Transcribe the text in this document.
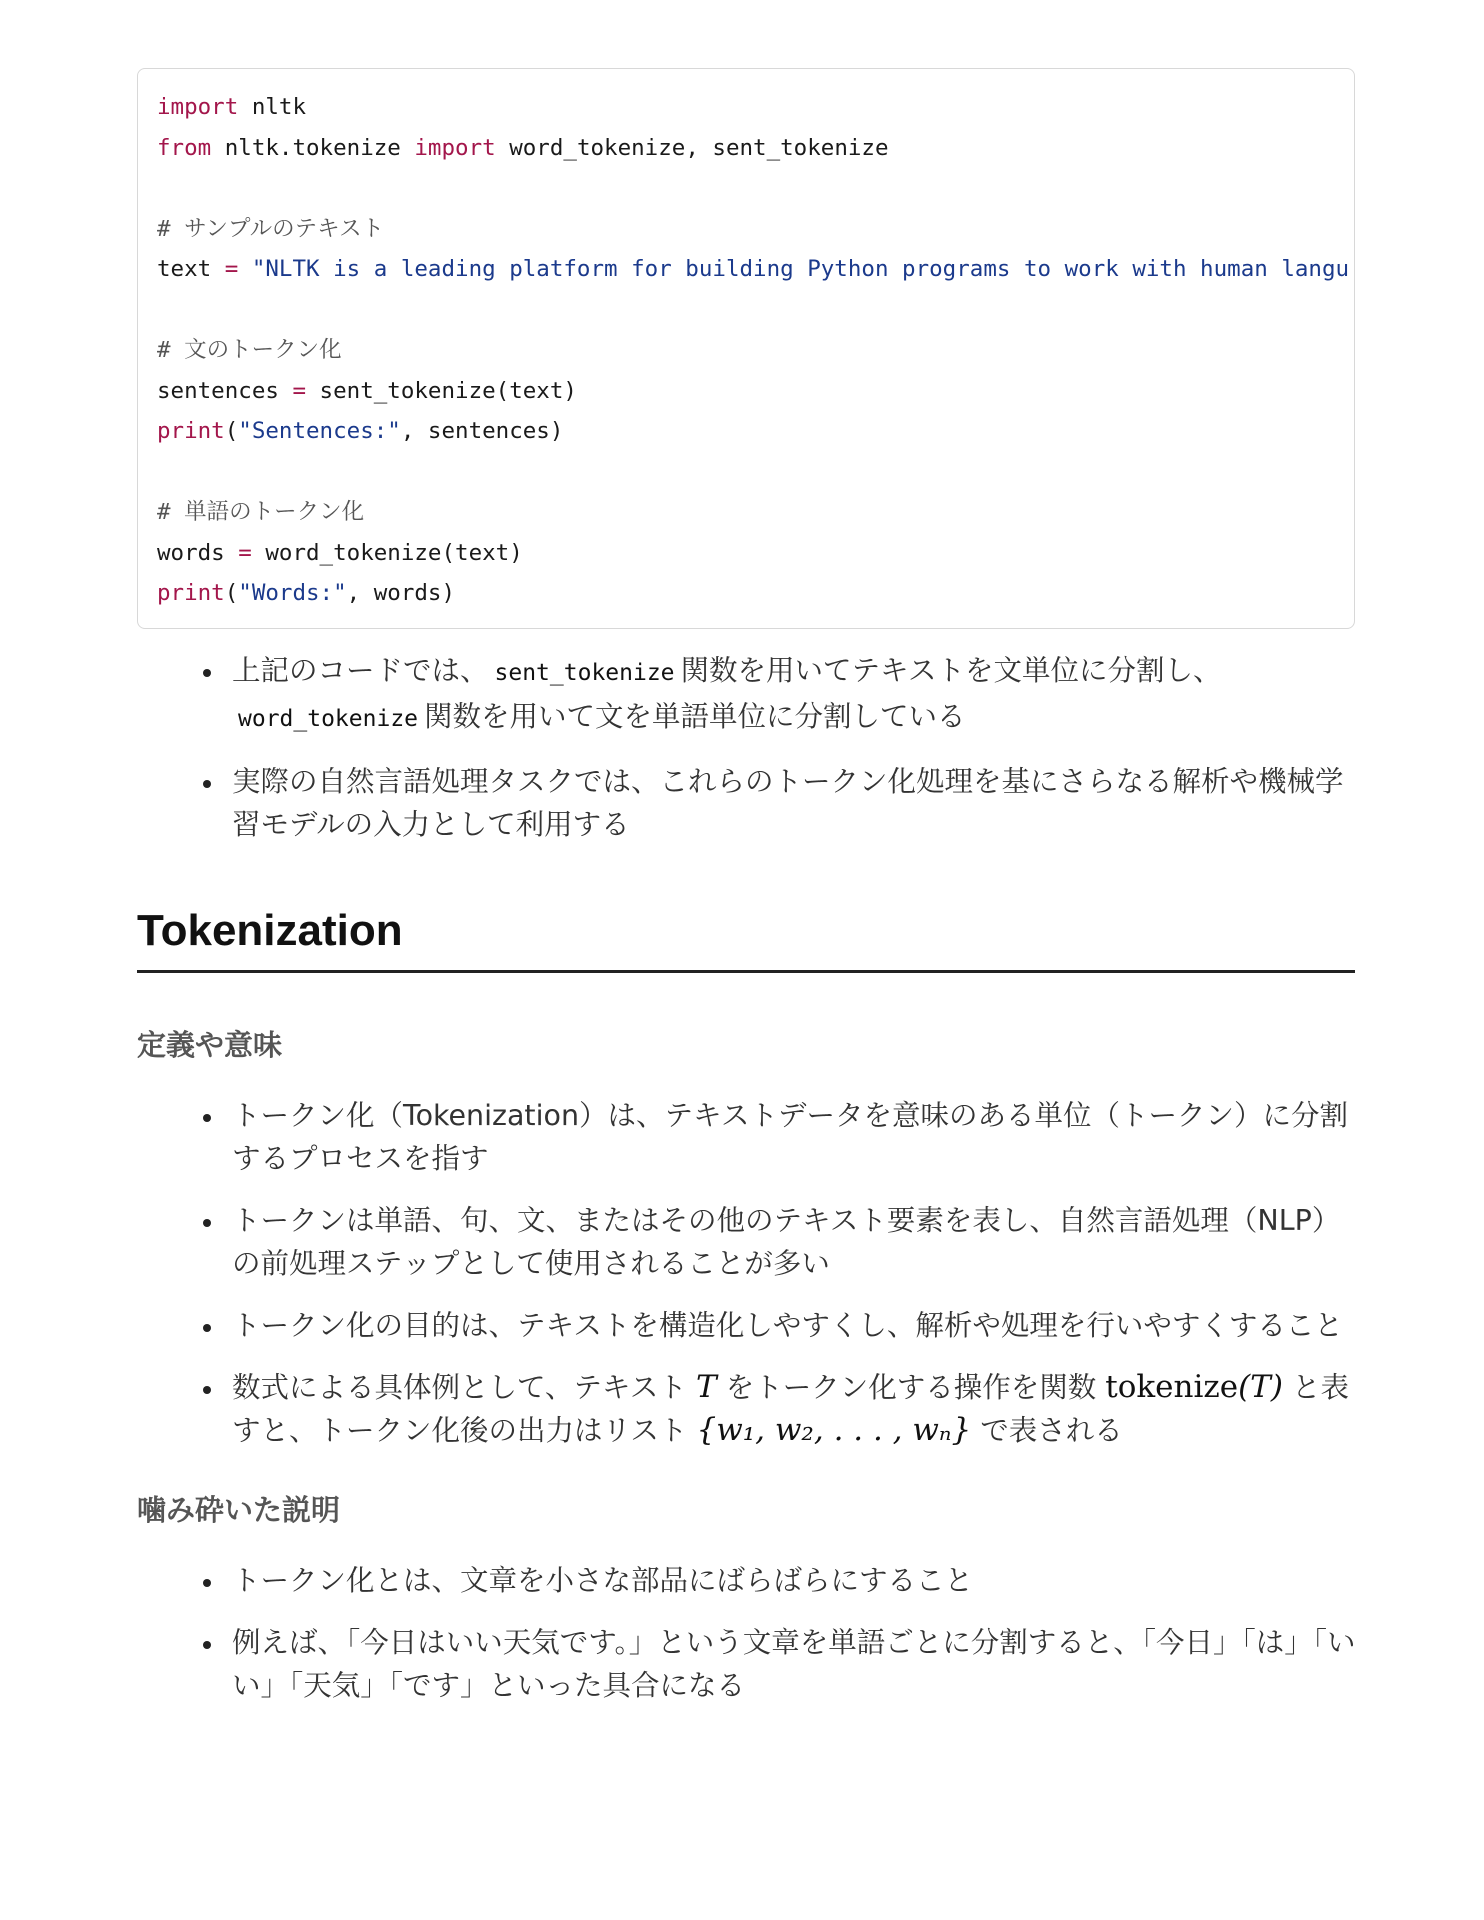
import nltk
from nltk.tokenize import word_tokenize, sent_tokenize

# サンプルのテキスト
text = "NLTK is a leading platform for building Python programs to work with human langu

# 文のトークン化
sentences = sent_tokenize(text)
print("Sentences:", sentences)

# 単語のトークン化
words = word_tokenize(text)
print("Words:", words)
上記のコードでは、 sent_tokenize 関数を用いてテキストを文単位に分割し、word_tokenize 関数を用いて文を単語単位に分割している
実際の自然言語処理タスクでは、これらのトークン化処理を基にさらなる解析や機械学習モデルの入力として利用する
Tokenization
定義や意味
トークン化（Tokenization）は、テキストデータを意味のある単位（トークン）に分割するプロセスを指す
トークンは単語、句、文、またはその他のテキスト要素を表し、自然言語処理（NLP）の前処理ステップとして使用されることが多い
トークン化の目的は、テキストを構造化しやすくし、解析や処理を行いやすくすること
数式による具体例として、テキスト T をトークン化する操作を関数 tokenize(T) と表すと、トークン化後の出力はリスト {w₁, w₂, . . . , wₙ} で表される
噛み砕いた説明
トークン化とは、文章を小さな部品にばらばらにすること
例えば、「今日はいい天気です。」という文章を単語ごとに分割すると、「今日」「は」「いい」「天気」「です」といった具合になる
